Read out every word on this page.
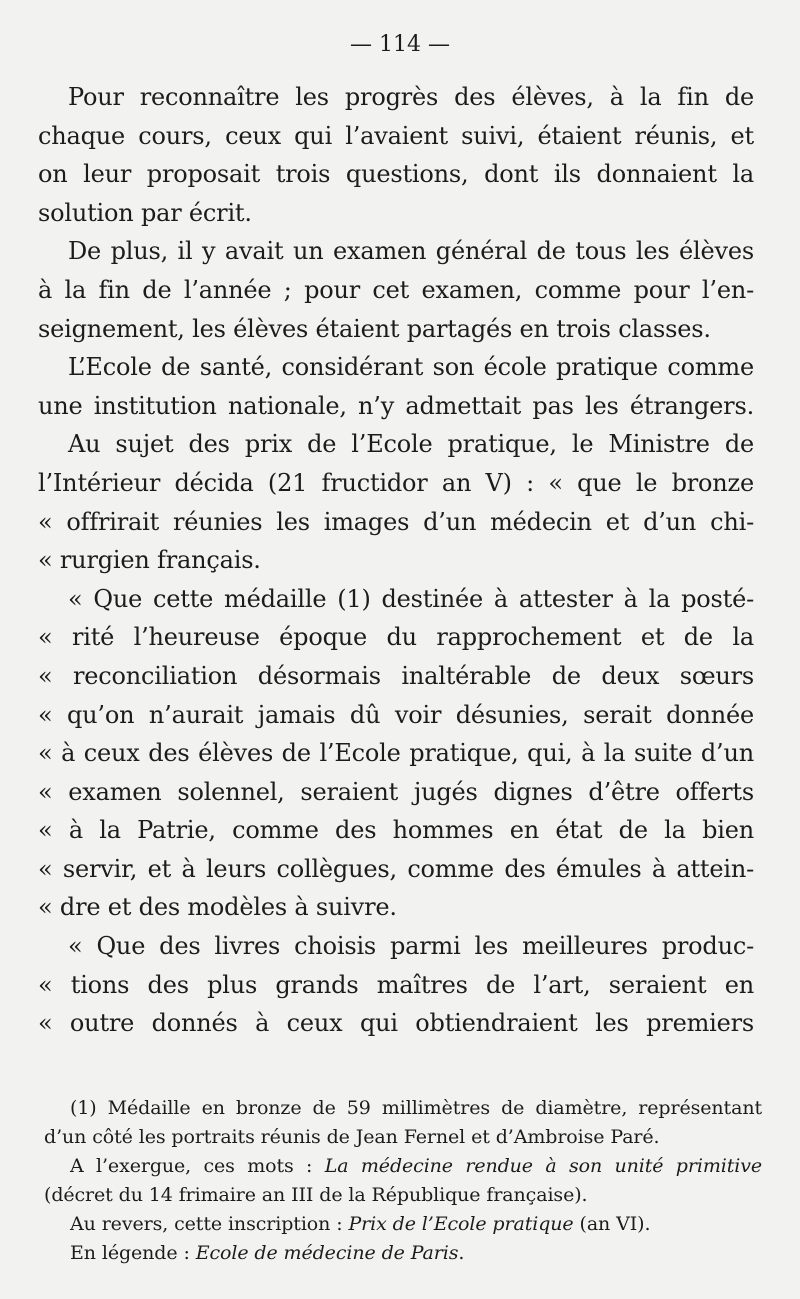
— 114 —
Pour reconnaître les progrès des élèves, à la fin de
chaque cours, ceux qui l’avaient suivi, étaient réunis, et
on leur proposait trois questions, dont ils donnaient la
solution par écrit.
De plus, il y avait un examen général de tous les élèves
à la fin de l’année ; pour cet examen, comme pour l’en-
seignement, les élèves étaient partagés en trois classes.
L’Ecole de santé, considérant son école pratique comme
une institution nationale, n’y admettait pas les étrangers.
Au sujet des prix de l’Ecole pratique, le Ministre de
l’Intérieur décida (21 fructidor an V) : « que le bronze
« offrirait réunies les images d’un médecin et d’un chi-
« rurgien français.
« Que cette médaille (1) destinée à attester à la posté-
« rité l’heureuse époque du rapprochement et de la
« reconciliation désormais inaltérable de deux sœurs
« qu’on n’aurait jamais dû voir désunies, serait donnée
« à ceux des élèves de l’Ecole pratique, qui, à la suite d’un
« examen solennel, seraient jugés dignes d’être offerts
« à la Patrie, comme des hommes en état de la bien
« servir, et à leurs collègues, comme des émules à attein-
« dre et des modèles à suivre.
« Que des livres choisis parmi les meilleures produc-
« tions des plus grands maîtres de l’art, seraient en
« outre donnés à ceux qui obtiendraient les premiers
(1) Médaille en bronze de 59 millimètres de diamètre, représentant
d’un côté les portraits réunis de Jean Fernel et d’Ambroise Paré.
A l’exergue, ces mots : La médecine rendue à son unité primitive
(décret du 14 frimaire an III de la République française).
Au revers, cette inscription : Prix de l’Ecole pratique (an VI).
En légende : Ecole de médecine de Paris.
